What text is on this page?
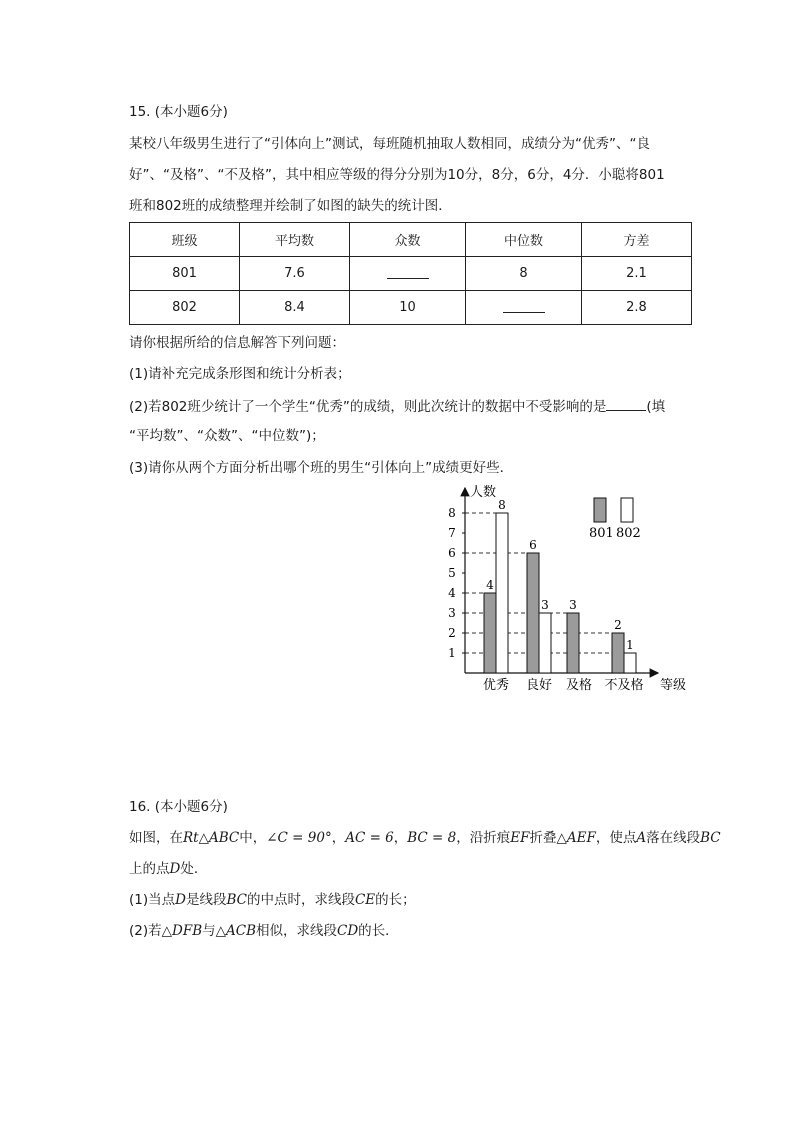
15. (本小题6分)
某校八年级男生进行了“引体向上”测试，每班随机抽取人数相同，成绩分为“优秀”、“良
好”、“及格”、“不及格”，其中相应等级的得分分别为10分，8分，6分，4分．小聪将801
班和802班的成绩整理并绘制了如图的缺失的统计图．
班级	平均数	众数	中位数	方差
801	7.6		8	2.1
802	8.4	10		2.8
请你根据所给的信息解答下列问题：
(1)请补充完成条形图和统计分析表；
(2)若802班少统计了一个学生“优秀”的成绩，则此次统计的数据中不受影响的是	(填
“平均数”、“众数”、“中位数”)；
(3)请你从两个方面分析出哪个班的男生“引体向上”成绩更好些．
人数
等级
1
2
3
4
5
6
7
8
4
8
6
3 3
2
1
优秀 良好 及格 不及格
801 802
16. (本小题6分)
如图，在Rt△ABC中，∠C = 90°，AC = 6，BC = 8，沿折痕EF折叠△AEF，使点A落在线段BC
上的点D处．
(1)当点D是线段BC的中点时，求线段CE的长；
(2)若△DFB与△ACB相似，求线段CD的长．
